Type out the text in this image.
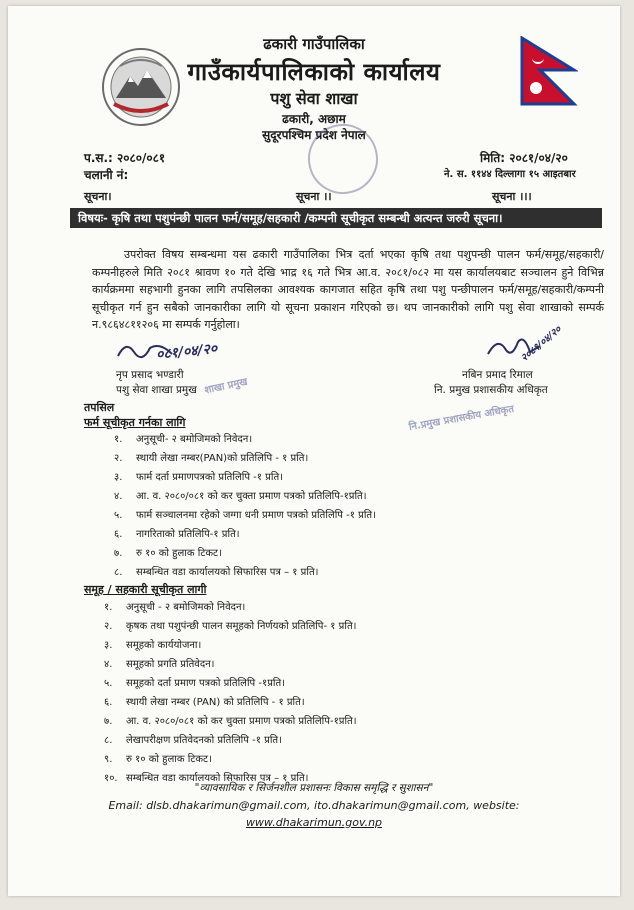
ढकारी गाउँपालिका
गाउँकार्यपालिकाको कार्यालय
पशु सेवा शाखा
ढकारी, अछाम
सुदूरपश्चिम प्रदेश नेपाल
प.स.: २०८०/०८१
चलानी नं:
मिति: २०८१/०४/२०
ने. स. ११४४ दिल्लागा १५ आइतबार
सूचना।	सूचना ।।	सूचना ।।।
विषयः- कृषि तथा पशुपंन्छी पालन फर्म/समूह/सहकारी /कम्पनी सूचीकृत सम्बन्धी अत्यन्त जरुरी सूचना।
उपरोक्त विषय सम्बन्धमा यस ढकारी गाउँपालिका भित्र दर्ता भएका कृषि तथा पशुपन्छी पालन फर्म/समूह/सहकारी/कम्पनीहरुले मिति २०८१ श्रावण १० गते देखि भाद्र १६ गते भित्र आ.व. २०८१/०८२ मा यस कार्यालयबाट सञ्चालन हुने विभिन्न कार्यक्रममा सहभागी हुनका लागि तपसिलका आवश्यक कागजात सहित कृषि तथा पशु पन्छीपालन फर्म/समूह/सहकारी/कम्पनी सूचीकृत गर्न हुन सबैको जानकारीका लागि यो सूचना प्रकाशन गरिएको छ। थप जानकारीको लागि पशु सेवा शाखाको सम्पर्क न.९८६४८११२०६ मा सम्पर्क गर्नुहोला।
०८१/०४/२०
नृप प्रसाद भण्डारी
पशु सेवा शाखा प्रमुख शाखा प्रमुख
२०८१/०४/२०
नबिन प्रमाद रिमाल
नि. प्रमुख प्रशासकीय अधिकृत
नि.प्रमुख प्रशासकीय अधिकृत
तपसिल
फर्म सूचीकृत गर्नका लागि
१. अनुसूची- २ बमोजिमको निवेदन।
२. स्थायी लेखा नम्बर(PAN)को प्रतिलिपि - १ प्रति।
३. फार्म दर्ता प्रमाणपत्रको प्रतिलिपि -१ प्रति।
४. आ. व. २०८०/०८१ को कर चुक्ता प्रमाण पत्रको प्रतिलिपि-१प्रति।
५. फार्म सञ्चालनमा रहेको जग्गा धनी प्रमाण पत्रको प्रतिलिपि -१ प्रति।
६. नागरिताको प्रतिलिपि-१ प्रति।
७. रु १० को हुलाक टिकट।
८. सम्बन्धित वडा कार्यालयको सिफारिस पत्र – १ प्रति।
समूह / सहकारी सूचीकृत लागी
१. अनुसूची - २ बमोजिमको निवेदन।
२. कृषक तथा पशुपंन्छी पालन समूहको निर्णयको प्रतिलिपि- १ प्रति।
३. समूहको कार्ययोजना।
४. समूहको प्रगति प्रतिवेदन।
५. समूहको दर्ता प्रमाण पत्रको प्रतिलिपि -१प्रति।
६. स्थायी लेखा नम्बर (PAN) को प्रतिलिपि - १ प्रति।
७. आ. व. २०८०/०८१ को कर चुक्ता प्रमाण पत्रको प्रतिलिपि-१प्रति।
८. लेखापरीक्षण प्रतिवेदनको प्रतिलिपि -१ प्रति।
९. रु १० को हुलाक टिकट।
१०. सम्बन्धित वडा कार्यालयको सिफारिस पत्र – १ प्रति।
"व्यावसायिक र सिर्जनशील प्रशासनः विकास समृद्धि र सुशासन"
Email: dlsb.dhakarimun@gmail.com, ito.dhakarimun@gmail.com, website:
www.dhakarimun.gov.np
